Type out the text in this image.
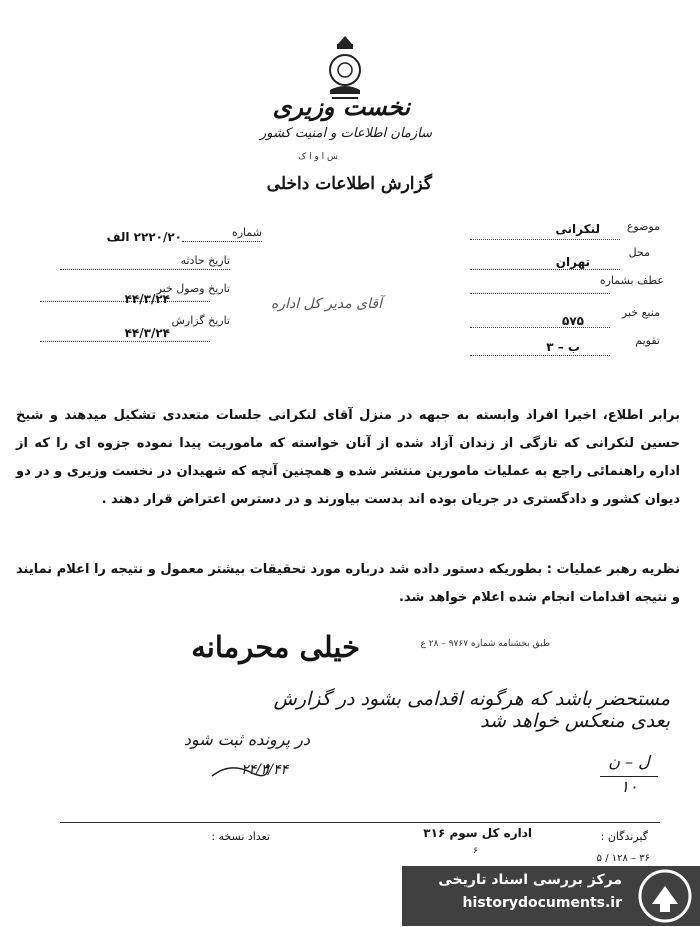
نخست وزیری
سازمان اطلاعات و امنیت کشور
س ا و ا ک
گزارش اطلاعات داخلی
شماره
۲۲۲۰/۲۰ الف
تاریخ حادثه
تاریخ وصول خبر
۴۴/۳/۲۴
تاریخ گزارش
۴۴/۳/۲۴
آقای مدیر کل اداره
موضوع
لنکرانی
محل
تهران
عطف بشماره
منبع خبر
۵۷۵
تقویم
ب – ۳
برابر اطلاع، اخیرا افراد وابسته به جبهه در منزل آقای لنکرانی جلسات متعددی تشکیل میدهند و شیخ حسین لنکرانی که تازگی از زندان آزاد شده از آنان خواسته که ماموریت پیدا نموده جزوه ای را که از اداره راهنمائی راجع به عملیات مامورین منتشر شده و همچنین آنچه که شهیدان در نخست وزیری و در دو دیوان کشور و دادگستری در جریان بوده اند بدست بیاورند و در دسترس اعتراض قرار دهند .
نظریه رهبر عملیات : بطوریکه دستور داده شد درباره مورد تحقیقات بیشتر معمول و نتیجه را اعلام نمایند و نتیجه اقدامات انجام شده اعلام خواهد شد.
طبق بخشنامه شماره ۹۷۶۷ – ۲۸ ع
خیلی محرمانه
مستحضر باشد که هرگونه اقدامی بشود در گزارش بعدی منعکس خواهد شد
در پرونده ثبت شود
۲۴/۳/۴۴	ل – ن
۱۰
گیرندگان :
اداره کل سوم ۳۱۶
۶
تعداد نسخه :
۳۶ – ۱۲۸ / ۵
مرکز بررسی اسناد تاریخی
historydocuments.ir
